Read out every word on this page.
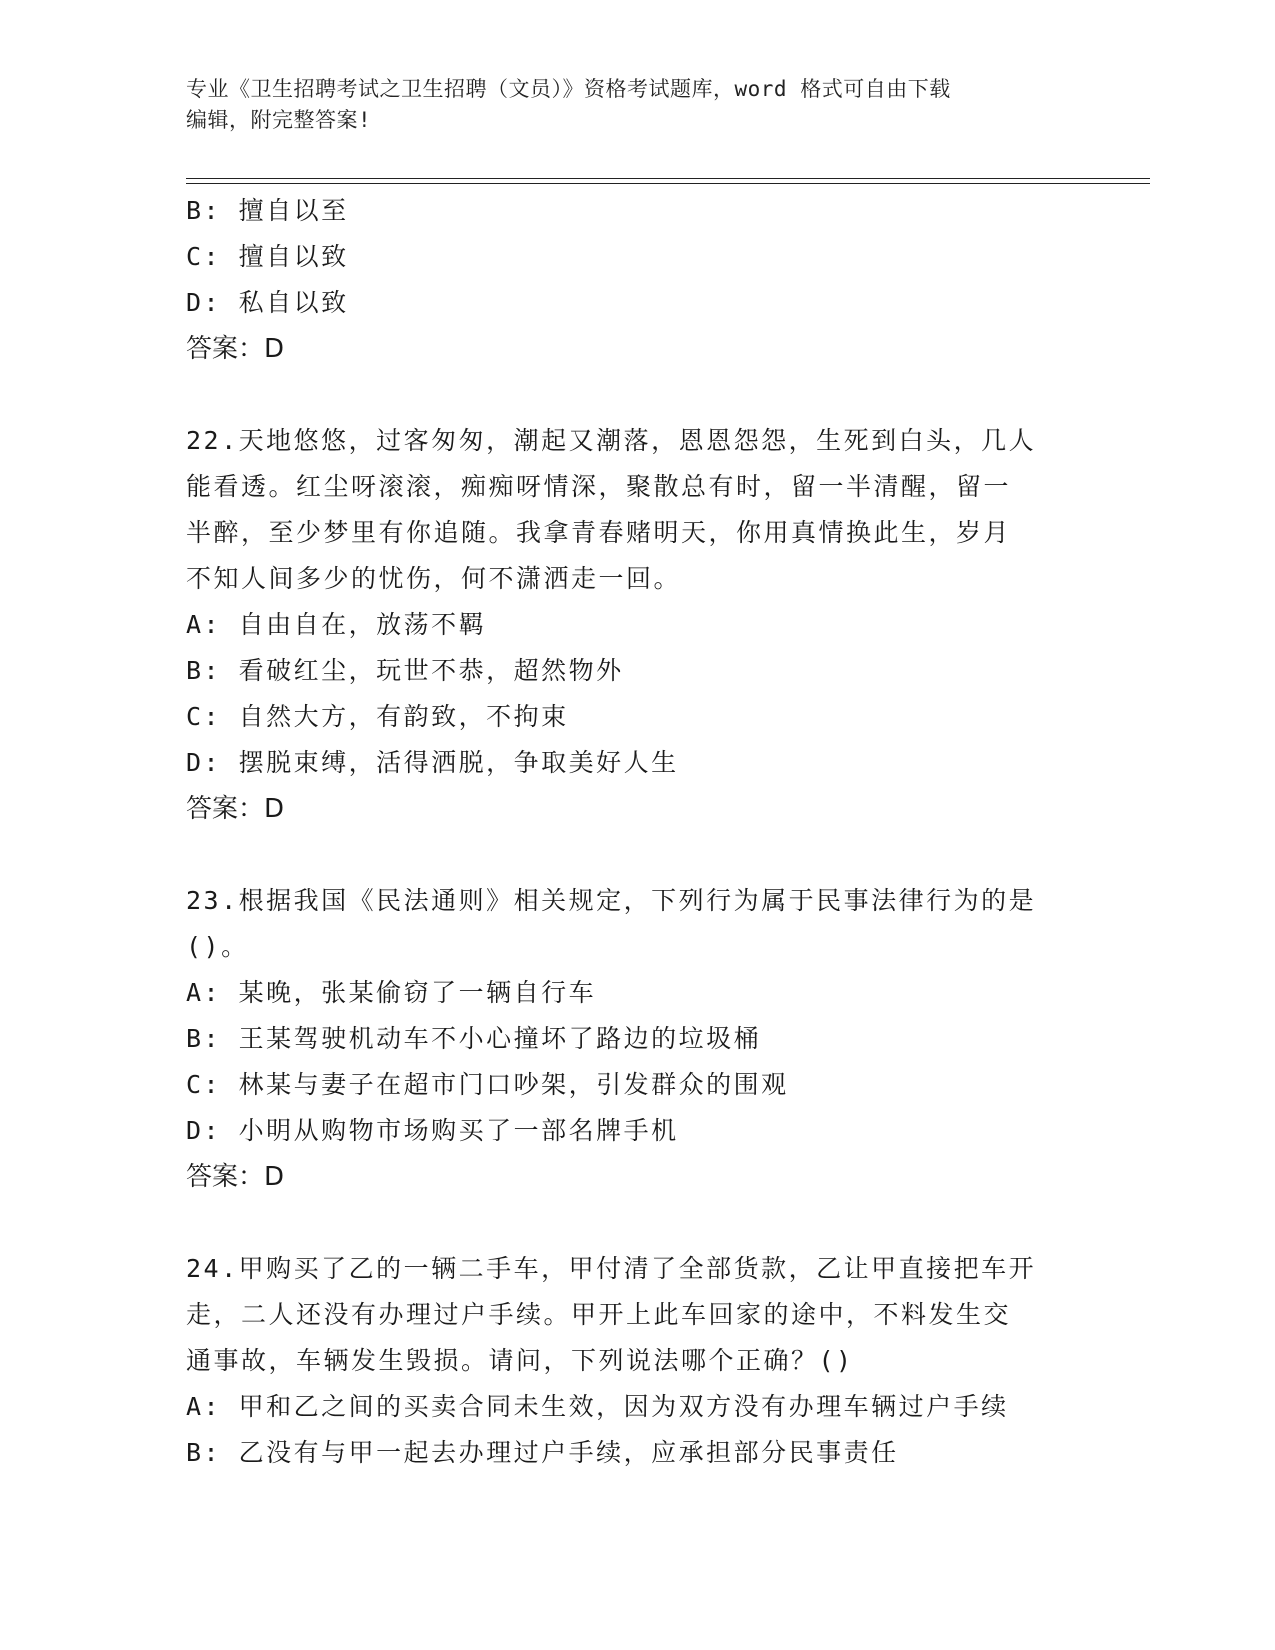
专业《卫生招聘考试之卫生招聘（文员）》资格考试题库，word 格式可自由下载
编辑，附完整答案!
B: 擅自以至
C: 擅自以致
D: 私自以致
答案：D
22.天地悠悠，过客匆匆，潮起又潮落，恩恩怨怨，生死到白头，几人
能看透。红尘呀滚滚，痴痴呀情深，聚散总有时，留一半清醒，留一
半醉，至少梦里有你追随。我拿青春赌明天，你用真情换此生，岁月
不知人间多少的忧伤，何不潇洒走一回。
A: 自由自在，放荡不羁
B: 看破红尘，玩世不恭，超然物外
C: 自然大方，有韵致，不拘束
D: 摆脱束缚，活得洒脱，争取美好人生
答案：D
23.根据我国《民法通则》相关规定，下列行为属于民事法律行为的是
()。
A: 某晚，张某偷窃了一辆自行车
B: 王某驾驶机动车不小心撞坏了路边的垃圾桶
C: 林某与妻子在超市门口吵架，引发群众的围观
D: 小明从购物市场购买了一部名牌手机
答案：D
24.甲购买了乙的一辆二手车，甲付清了全部货款，乙让甲直接把车开
走，二人还没有办理过户手续。甲开上此车回家的途中，不料发生交
通事故，车辆发生毁损。请问，下列说法哪个正确？()
A: 甲和乙之间的买卖合同未生效，因为双方没有办理车辆过户手续
B: 乙没有与甲一起去办理过户手续，应承担部分民事责任
